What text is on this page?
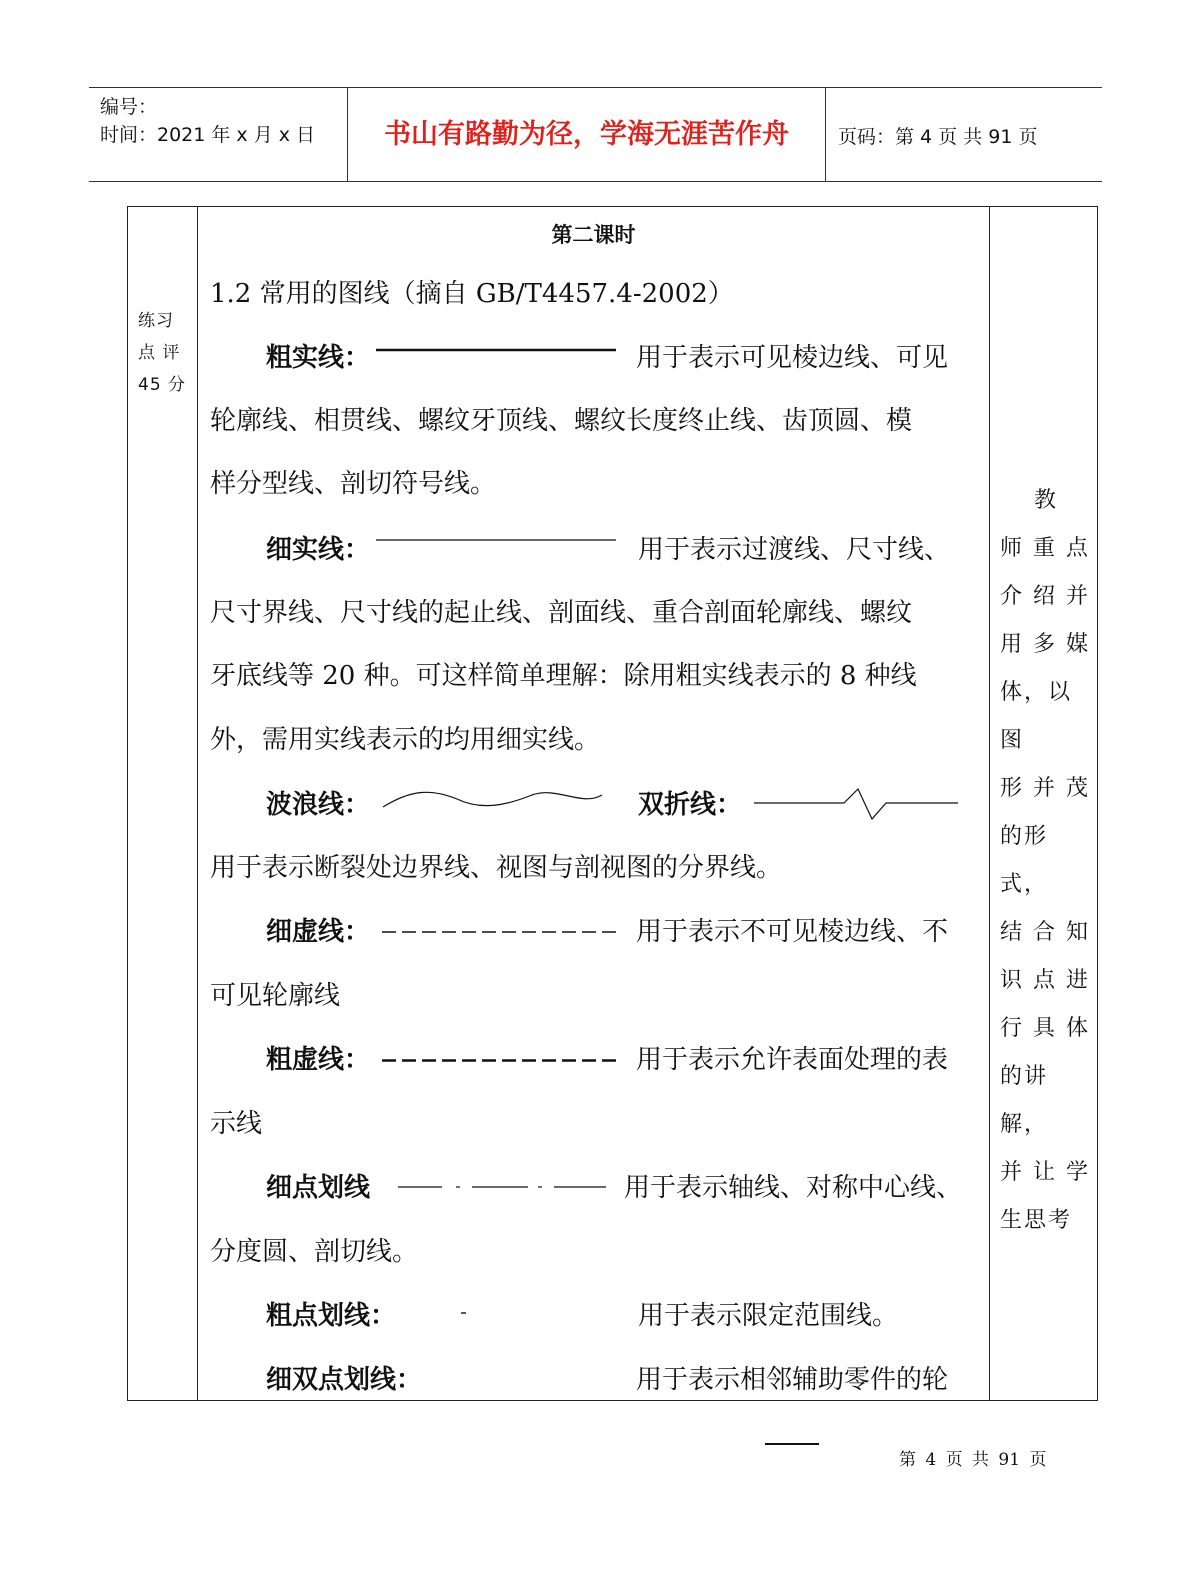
编号：
时间：2021 年 x 月 x 日	书山有路勤为径，学海无涯苦作舟	页码：第 4 页 共 91 页
练习
点 评
45 分
第二课时
1.2 常用的图线（摘自 GB/T4457.4-2002）
粗实线：	用于表示可见棱边线、可见
轮廓线、相贯线、螺纹牙顶线、螺纹长度终止线、齿顶圆、模
样分型线、剖切符号线。
细实线：	用于表示过渡线、尺寸线、
尺寸界线、尺寸线的起止线、剖面线、重合剖面轮廓线、螺纹
牙底线等 20 种。可这样简单理解：除用粗实线表示的 8 种线
外，需用实线表示的均用细实线。
波浪线：	双折线：
用于表示断裂处边界线、视图与剖视图的分界线。
细虚线：	用于表示不可见棱边线、不
可见轮廓线
粗虚线：	用于表示允许表面处理的表
示线
细点划线	用于表示轴线、对称中心线、
分度圆、剖切线。
粗点划线：	用于表示限定范围线。
细双点划线：	用于表示相邻辅助零件的轮
教
师 重 点
介 绍 并
用 多 媒
体，以图
形 并 茂
的形式，
结 合 知
识 点 进
行 具 体
的讲解，
并 让 学
生思考
第 4 页 共 91 页
